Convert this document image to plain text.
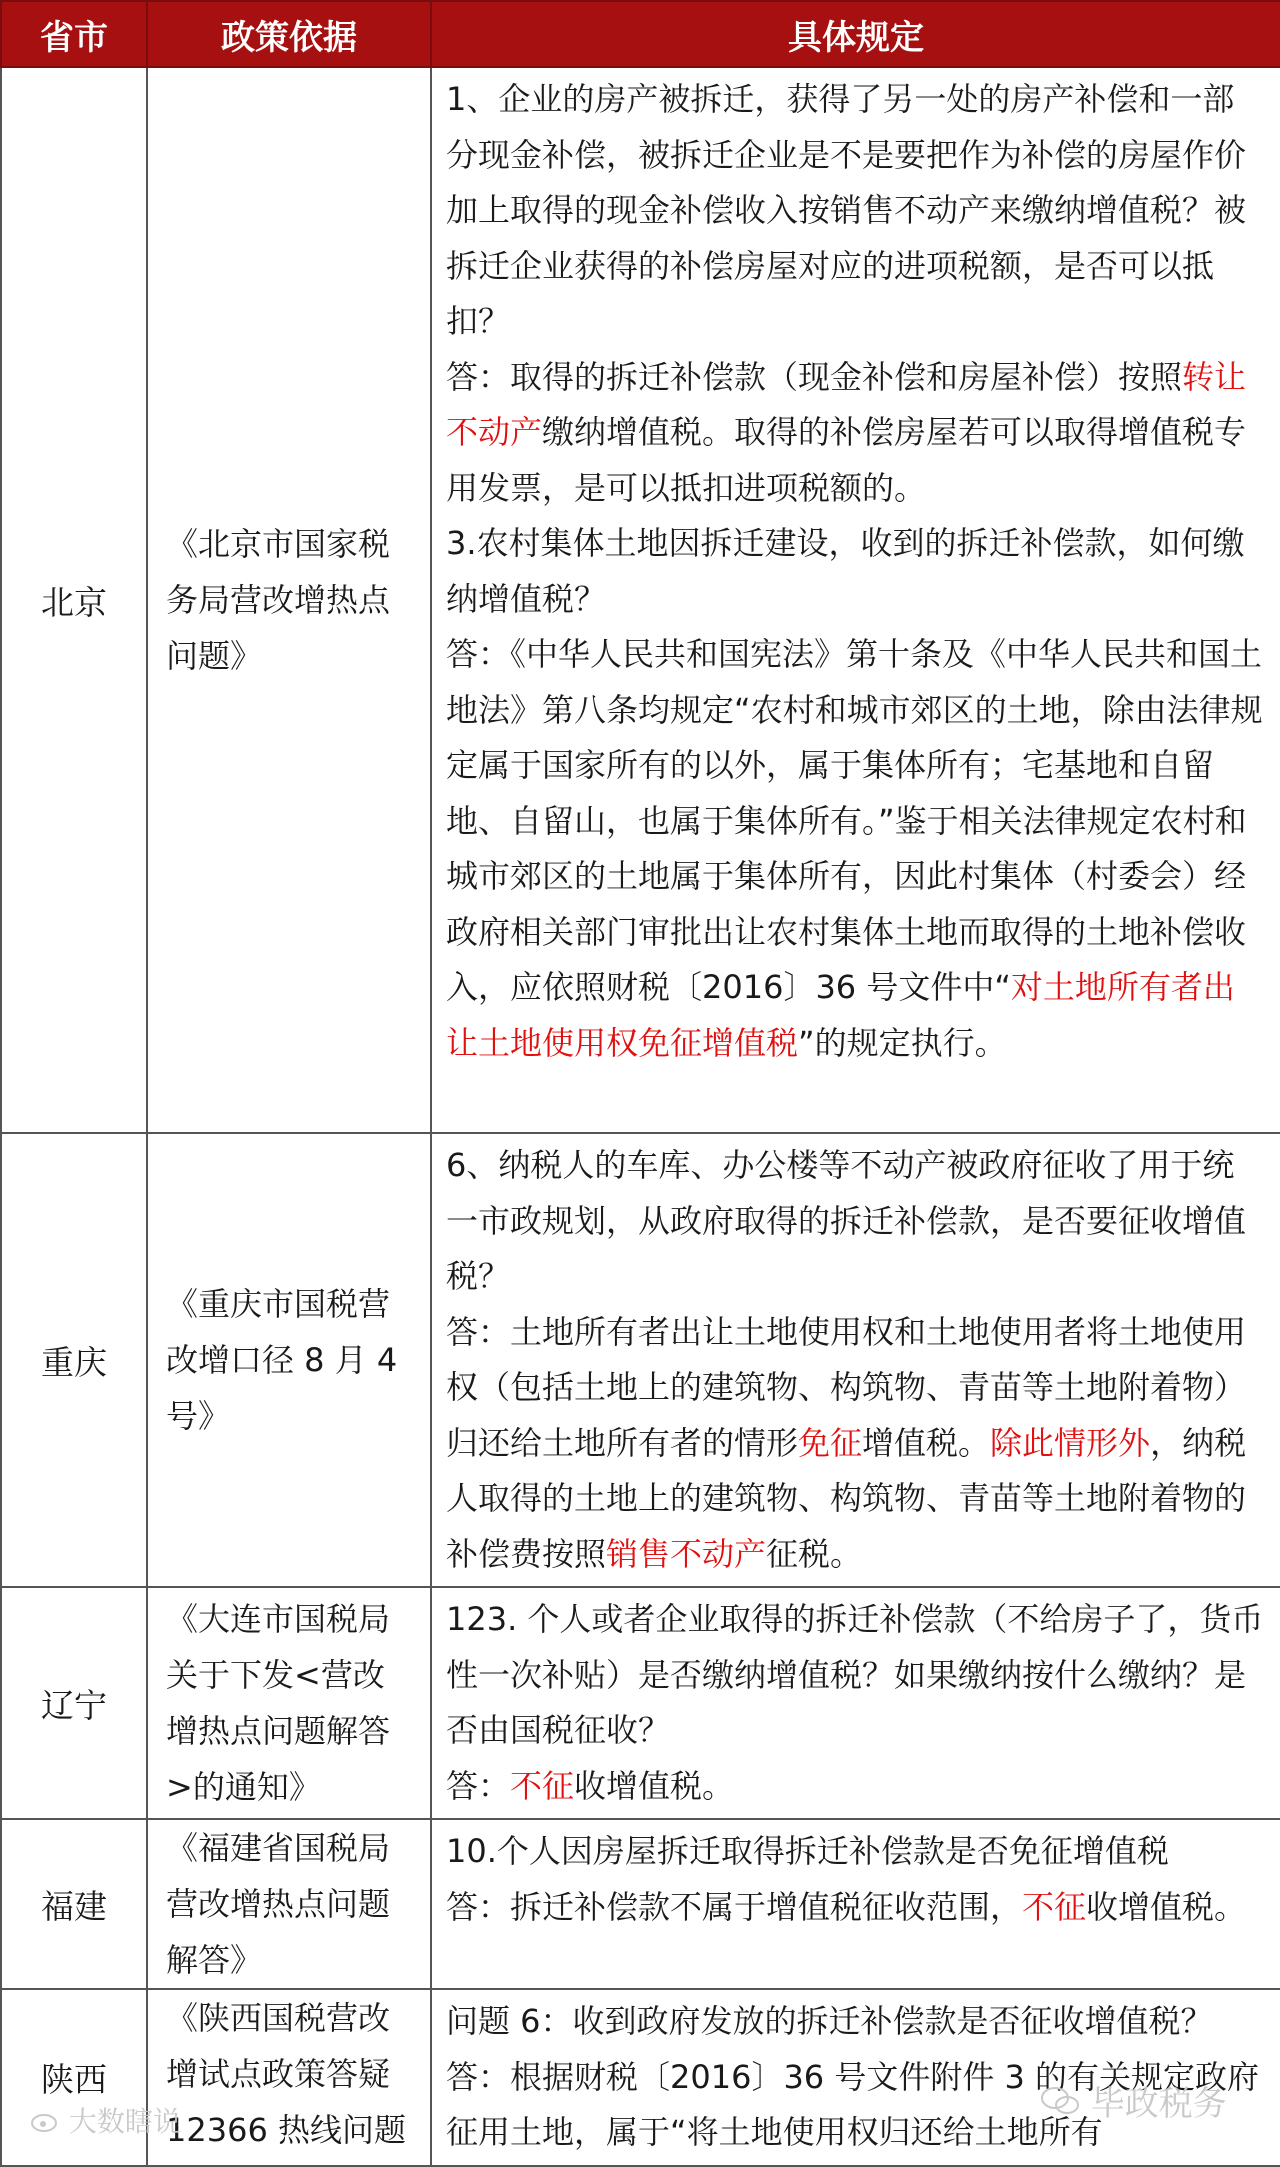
省市	政策依据	具体规定
北京	《北京市国家税务局营改增热点问题》	1、企业的房产被拆迁，获得了另一处的房产补偿和一部分现金补偿，被拆迁企业是不是要把作为补偿的房屋作价加上取得的现金补偿收入按销售不动产来缴纳增值税？被拆迁企业获得的补偿房屋对应的进项税额，是否可以抵扣？
答：取得的拆迁补偿款（现金补偿和房屋补偿）按照转让不动产缴纳增值税。取得的补偿房屋若可以取得增值税专用发票，是可以抵扣进项税额的。
3.农村集体土地因拆迁建设，收到的拆迁补偿款，如何缴纳增值税？
答：《中华人民共和国宪法》第十条及《中华人民共和国土地法》第八条均规定“农村和城市郊区的土地，除由法律规定属于国家所有的以外，属于集体所有；宅基地和自留地、自留山，也属于集体所有。”鉴于相关法律规定农村和城市郊区的土地属于集体所有，因此村集体（村委会）经政府相关部门审批出让农村集体土地而取得的土地补偿收入，应依照财税〔2016〕36 号文件中“对土地所有者出让土地使用权免征增值税”的规定执行。
重庆	《重庆市国税营改增口径 8 月 4 号》	6、纳税人的车库、办公楼等不动产被政府征收了用于统一市政规划，从政府取得的拆迁补偿款，是否要征收增值税？
答：土地所有者出让土地使用权和土地使用者将土地使用权（包括土地上的建筑物、构筑物、青苗等土地附着物）归还给土地所有者的情形免征增值税。除此情形外，纳税人取得的土地上的建筑物、构筑物、青苗等土地附着物的补偿费按照销售不动产征税。
辽宁	《大连市国税局关于下发<营改增热点问题解答>的通知》	123. 个人或者企业取得的拆迁补偿款（不给房子了，货币性一次补贴）是否缴纳增值税？如果缴纳按什么缴纳？是否由国税征收？
答：不征收增值税。
福建	《福建省国税局营改增热点问题解答》	10.个人因房屋拆迁取得拆迁补偿款是否免征增值税
答：拆迁补偿款不属于增值税征收范围，不征收增值税。
陕西	《陕西国税营改增试点政策答疑 12366 热线问题	问题 6：收到政府发放的拆迁补偿款是否征收增值税？
答：根据财税〔2016〕36 号文件附件 3 的有关规定政府征用土地，属于“将土地使用权归还给土地所有
大数瞎说	毕政税务
